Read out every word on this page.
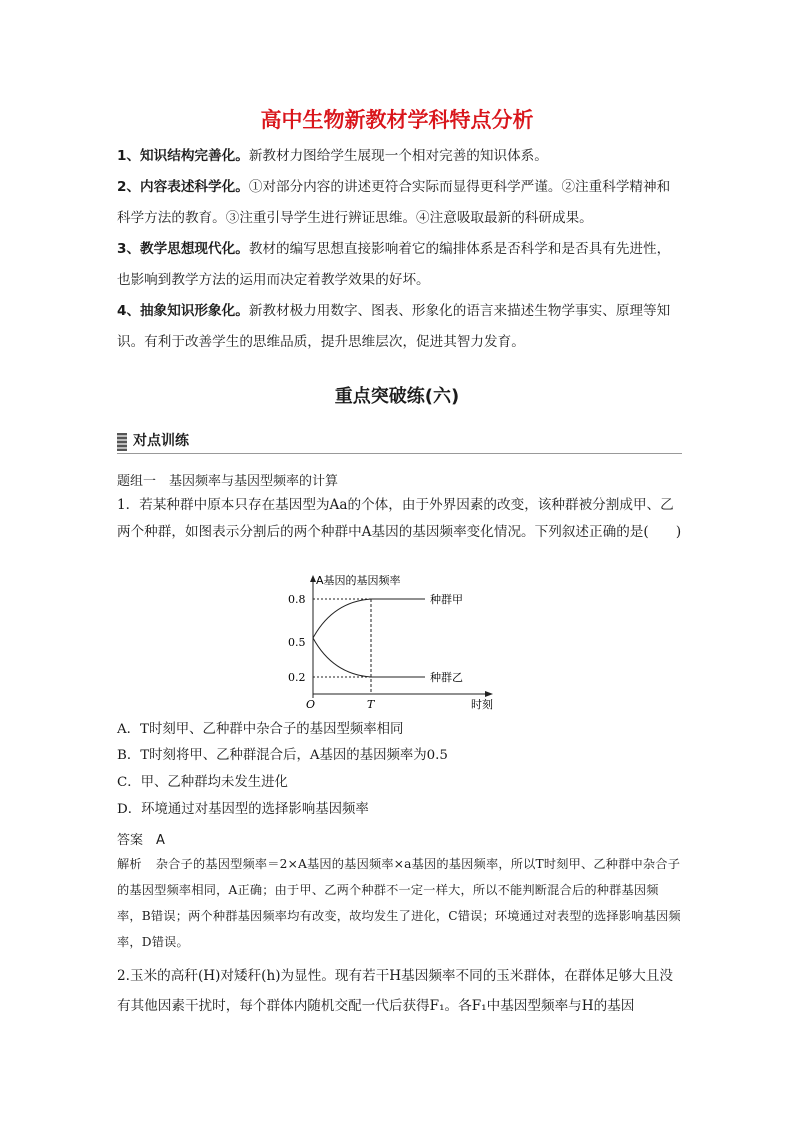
高中生物新教材学科特点分析

1、知识结构完善化。新教材力图给学生展现一个相对完善的知识体系。

2、内容表述科学化。①对部分内容的讲述更符合实际而显得更科学严谨。②注重科学精神和科学方法的教育。③注重引导学生进行辨证思维。④注意吸取最新的科研成果。

3、教学思想现代化。教材的编写思想直接影响着它的编排体系是否科学和是否具有先进性，也影响到教学方法的运用而决定着教学效果的好坏。

4、抽象知识形象化。新教材极力用数字、图表、形象化的语言来描述生物学事实、原理等知识。有利于改善学生的思维品质，提升思维层次，促进其智力发育。

重点突破练(六)
对点训练

题组一　基因频率与基因型频率的计算

1．若某种群中原本只存在基因型为Aa的个体，由于外界因素的改变，该种群被分割成甲、乙两个种群，如图表示分割后的两个种群中A基因的基因频率变化情况。下列叙述正确的是(　　)

A基因的基因频率
时刻
O	T
0.8
0.5
0.2
种群甲
种群乙

A．T时刻甲、乙种群中杂合子的基因型频率相同

B．T时刻将甲、乙种群混合后，A基因的基因频率为0.5

C．甲、乙种群均未发生进化

D．环境通过对基因型的选择影响基因频率

答案　 A

解析 杂合子的基因型频率＝2×A基因的基因频率×a基因的基因频率，所以T时刻甲、乙种群中杂合子的基因型频率相同，A正确；由于甲、乙两个种群不一定一样大，所以不能判断混合后的种群基因频率，B错误；两个种群基因频率均有改变，故均发生了进化，C错误；环境通过对表型的选择影响基因频率，D错误。

2.玉米的高秆(H)对矮秆(h)为显性。现有若干H基因频率不同的玉米群体，在群体足够大且没有其他因素干扰时，每个群体内随机交配一代后获得F₁。各F₁中基因型频率与H的基因
